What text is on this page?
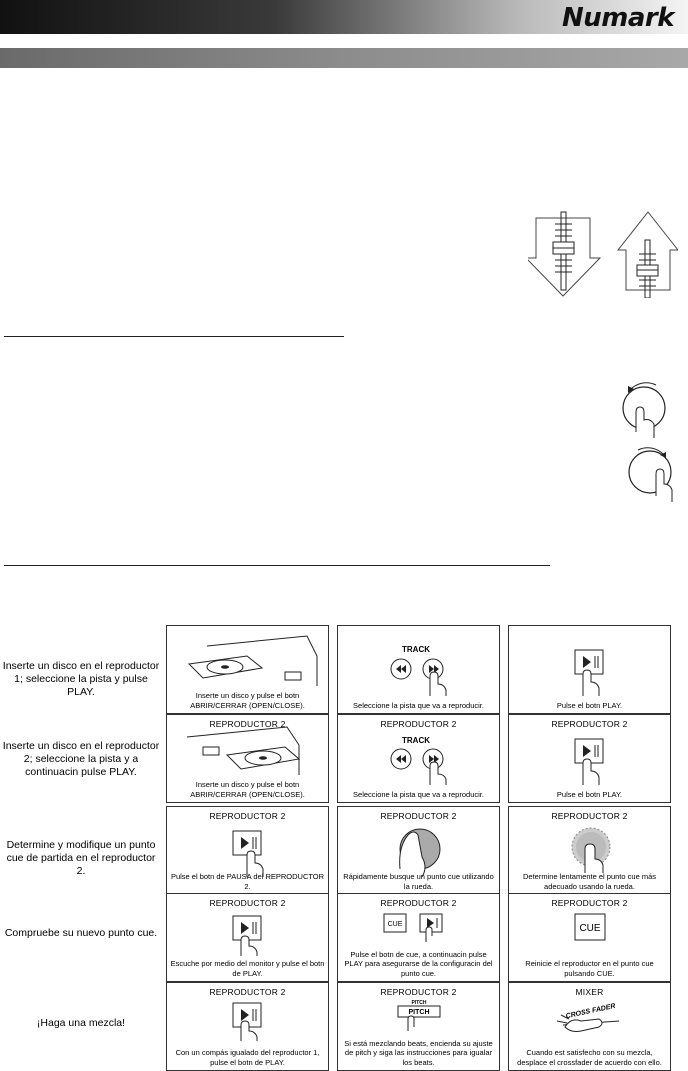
Numark
Inserte un disco en el reproductor 1; seleccione la pista y pulse PLAY.	Inserte un disco y pulse el botn ABRIR/CERRAR (OPEN/CLOSE).
TRACK
Seleccione la pista que va a reproducir.	Pulse el botn PLAY.
Inserte un disco en el reproductor 2; seleccione la pista y a continuacin pulse PLAY.
REPRODUCTOR 2
Inserte un disco y pulse el botn ABRIR/CERRAR (OPEN/CLOSE).
REPRODUCTOR 2
TRACK
Seleccione la pista que va a reproducir.
REPRODUCTOR 2
Pulse el botn PLAY.
Determine y modifique un punto cue de partida en el reproductor 2.
REPRODUCTOR 2
Pulse el botn de PAUSA del REPRODUCTOR 2.
REPRODUCTOR 2
Rápidamente busque un punto cue utilizando la rueda.
REPRODUCTOR 2
Determine lentamente el punto cue más adecuado usando la rueda.
Compruebe su nuevo punto cue.
REPRODUCTOR 2
Escuche por medio del monitor y pulse el botn de PLAY.
REPRODUCTOR 2
CUE
Pulse el botn de cue, a continuacin pulse PLAY para asegurarse de la configuracin del punto cue.
REPRODUCTOR 2
CUE
Reinicie el reproductor en el punto cue pulsando CUE.
¡Haga una mezcla!
REPRODUCTOR 2
Con un compás igualado del reproductor 1, pulse el botn de PLAY.
REPRODUCTOR 2
PITCH
PITCH
Si está mezclando beats, encienda su ajuste de pitch y siga las instrucciones para igualar los beats.
MIXER
CROSS FADER
Cuando est satisfecho con su mezcla, desplace el crossfader de acuerdo con ello.
